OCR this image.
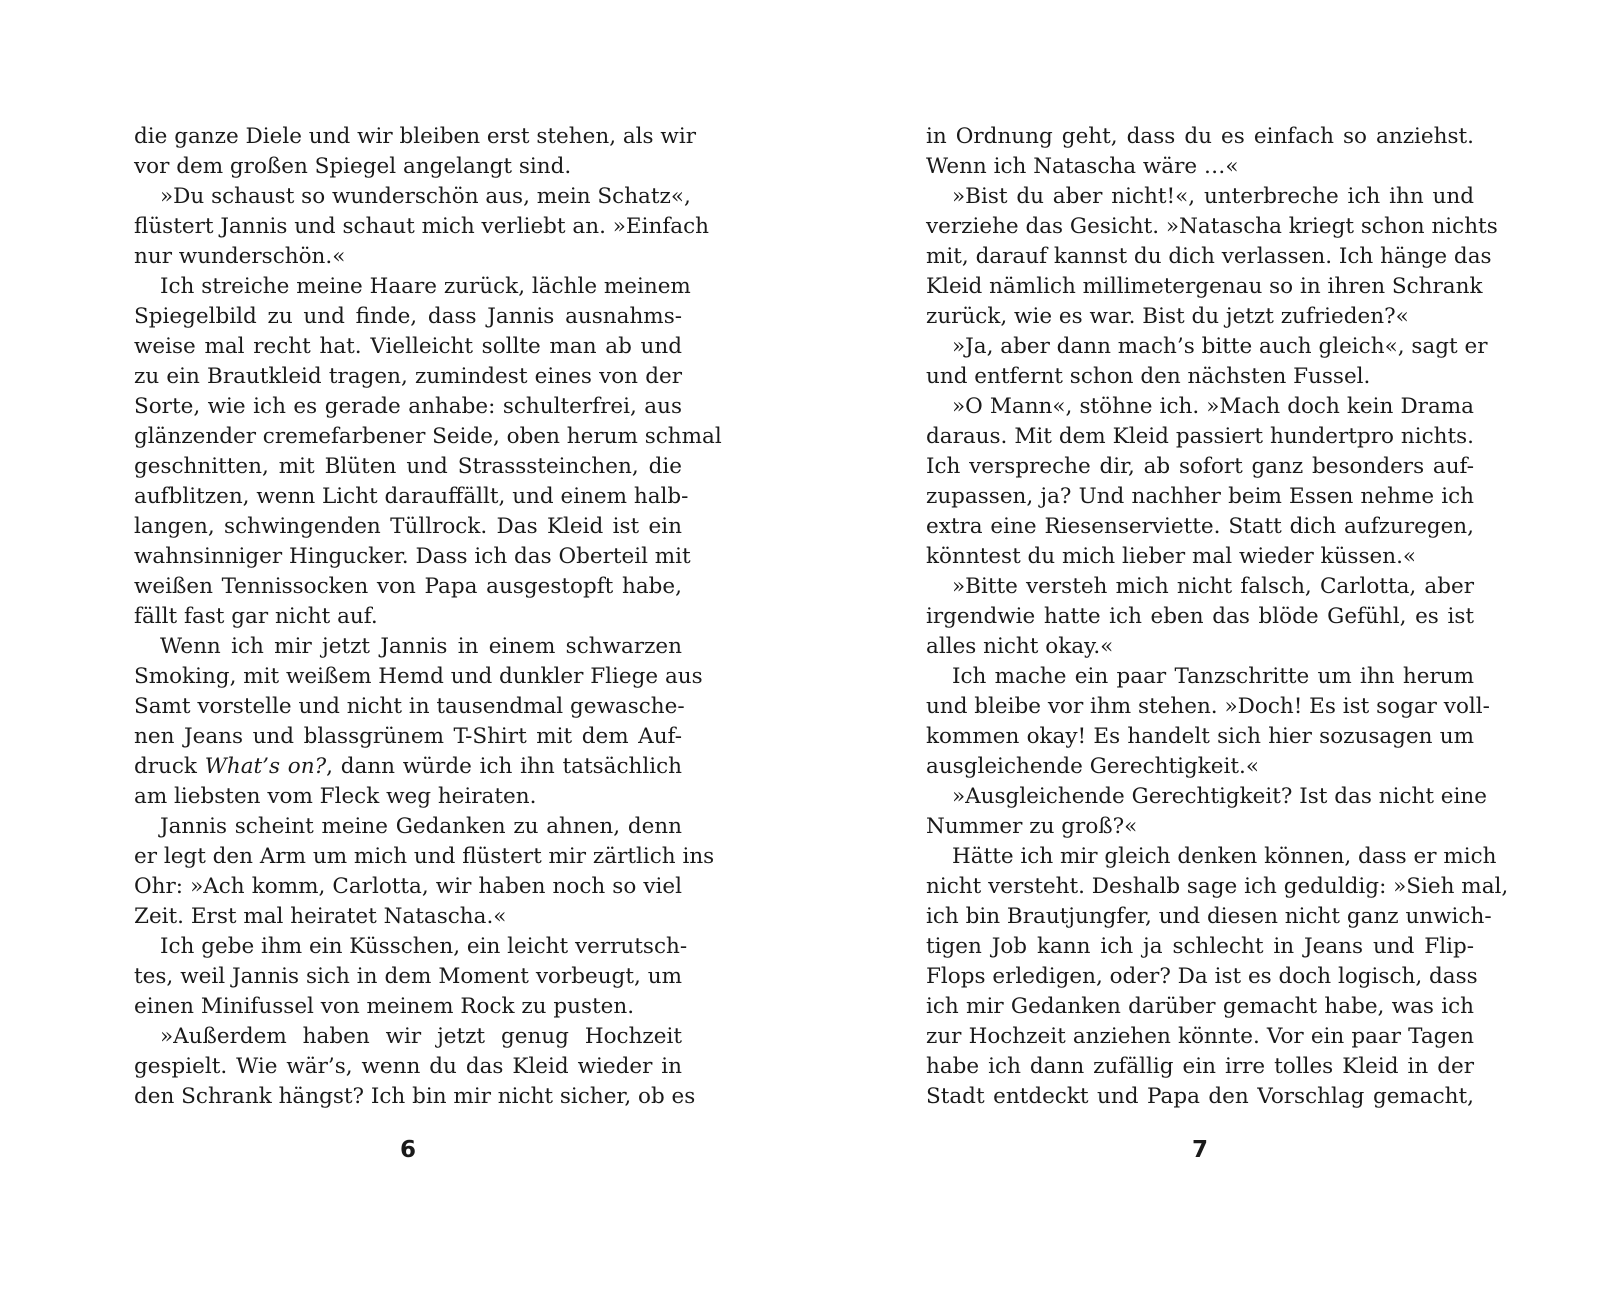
die ganze Diele und wir bleiben erst stehen, als wir
vor dem großen Spiegel angelangt sind.
»Du schaust so wunderschön aus, mein Schatz«,
flüstert Jannis und schaut mich verliebt an. »Einfach
nur wunderschön.«
Ich streiche meine Haare zurück, lächle meinem
Spiegelbild zu und finde, dass Jannis ausnahms-
weise mal recht hat. Vielleicht sollte man ab und
zu ein Brautkleid tragen, zumindest eines von der
Sorte, wie ich es gerade anhabe: schulterfrei, aus
glänzender cremefarbener Seide, oben herum schmal
geschnitten, mit Blüten und Strasssteinchen, die
aufblitzen, wenn Licht darauffällt, und einem halb-
langen, schwingenden Tüllrock. Das Kleid ist ein
wahnsinniger Hingucker. Dass ich das Oberteil mit
weißen Tennissocken von Papa ausgestopft habe,
fällt fast gar nicht auf.
Wenn ich mir jetzt Jannis in einem schwarzen
Smoking, mit weißem Hemd und dunkler Fliege aus
Samt vorstelle und nicht in tausendmal gewasche-
nen Jeans und blassgrünem T-Shirt mit dem Auf-
druck What’s on?, dann würde ich ihn tatsächlich
am liebsten vom Fleck weg heiraten.
Jannis scheint meine Gedanken zu ahnen, denn
er legt den Arm um mich und flüstert mir zärtlich ins
Ohr: »Ach komm, Carlotta, wir haben noch so viel
Zeit. Erst mal heiratet Natascha.«
Ich gebe ihm ein Küsschen, ein leicht verrutsch-
tes, weil Jannis sich in dem Moment vorbeugt, um
einen Minifussel von meinem Rock zu pusten.
»Außerdem haben wir jetzt genug Hochzeit
gespielt. Wie wär’s, wenn du das Kleid wieder in
den Schrank hängst? Ich bin mir nicht sicher, ob es
6
in Ordnung geht, dass du es einfach so anziehst.
Wenn ich Natascha wäre …«
»Bist du aber nicht!«, unterbreche ich ihn und
verziehe das Gesicht. »Natascha kriegt schon nichts
mit, darauf kannst du dich verlassen. Ich hänge das
Kleid nämlich millimetergenau so in ihren Schrank
zurück, wie es war. Bist du jetzt zufrieden?«
»Ja, aber dann mach’s bitte auch gleich«, sagt er
und entfernt schon den nächsten Fussel.
»O Mann«, stöhne ich. »Mach doch kein Drama
daraus. Mit dem Kleid passiert hundertpro nichts.
Ich verspreche dir, ab sofort ganz besonders auf-
zupassen, ja? Und nachher beim Essen nehme ich
extra eine Riesenserviette. Statt dich aufzuregen,
könntest du mich lieber mal wieder küssen.«
»Bitte versteh mich nicht falsch, Carlotta, aber
irgendwie hatte ich eben das blöde Gefühl, es ist
alles nicht okay.«
Ich mache ein paar Tanzschritte um ihn herum
und bleibe vor ihm stehen. »Doch! Es ist sogar voll-
kommen okay! Es handelt sich hier sozusagen um
ausgleichende Gerechtigkeit.«
»Ausgleichende Gerechtigkeit? Ist das nicht eine
Nummer zu groß?«
Hätte ich mir gleich denken können, dass er mich
nicht versteht. Deshalb sage ich geduldig: »Sieh mal,
ich bin Brautjungfer, und diesen nicht ganz unwich-
tigen Job kann ich ja schlecht in Jeans und Flip-
Flops erledigen, oder? Da ist es doch logisch, dass
ich mir Gedanken darüber gemacht habe, was ich
zur Hochzeit anziehen könnte. Vor ein paar Tagen
habe ich dann zufällig ein irre tolles Kleid in der
Stadt entdeckt und Papa den Vorschlag gemacht,
7
